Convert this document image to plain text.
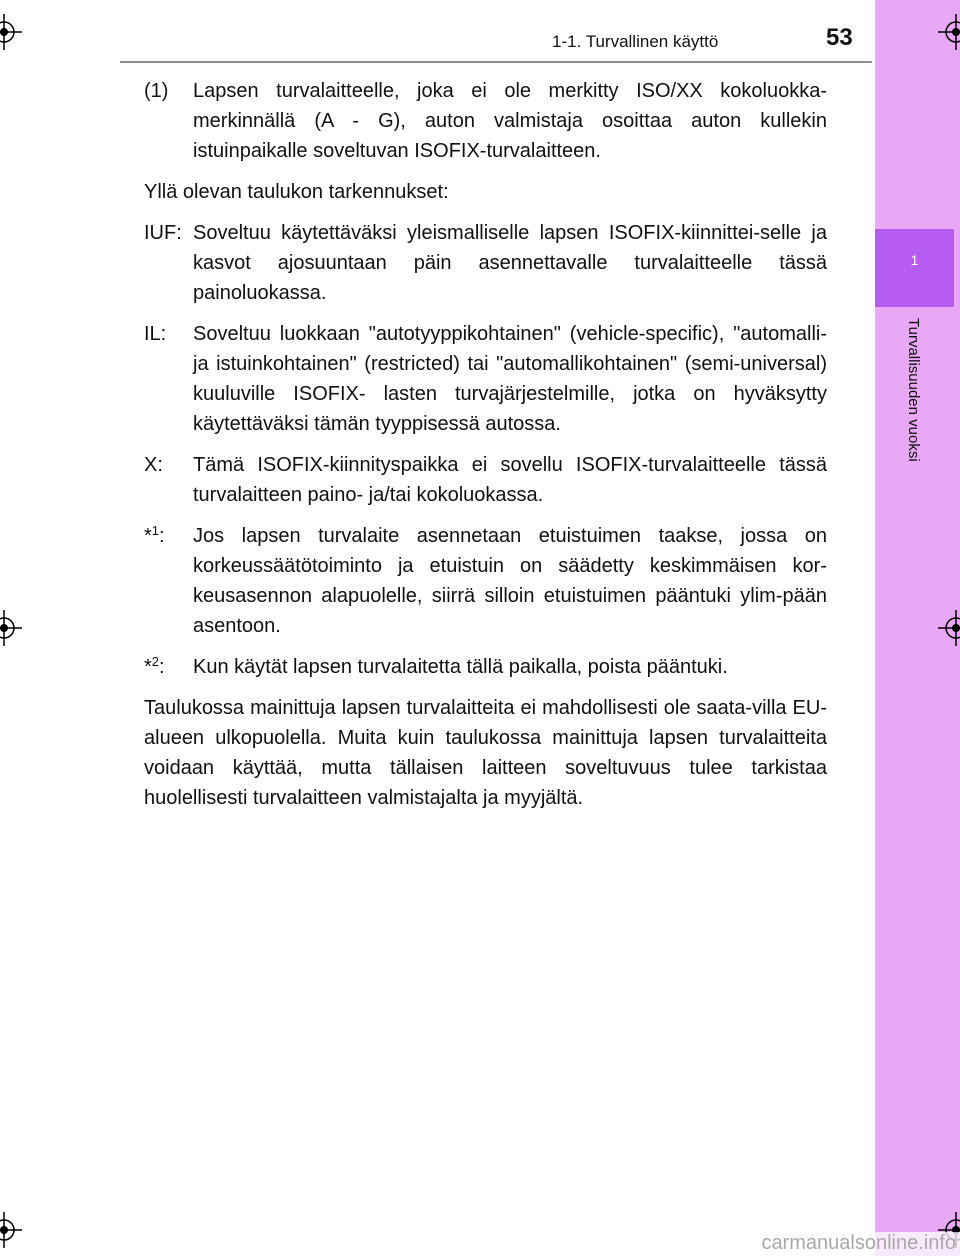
1-1. Turvallinen käyttö	53
1
Turvallisuuden vuoksi
(1)	Lapsen turvalaitteelle, joka ei ole merkitty ISO/XX kokoluokka-merkinnällä (A - G), auton valmistaja osoittaa auton kullekin istuinpaikalle soveltuvan ISOFIX-turvalaitteen.

Yllä olevan taulukon tarkennukset:

IUF: Soveltuu käytettäväksi yleismalliselle lapsen ISOFIX-kiinnittei-selle ja kasvot ajosuuntaan päin asennettavalle turvalaitteelle tässä painoluokassa.
IL:	Soveltuu luokkaan "autotyyppikohtainen" (vehicle-specific), "automalli- ja istuinkohtainen" (restricted) tai "automallikohtainen" (semi-universal) kuuluville ISOFIX- lasten turvajärjestelmille, jotka on hyväksytty käytettäväksi tämän tyyppisessä autossa.
X:	Tämä ISOFIX-kiinnityspaikka ei sovellu ISOFIX-turvalaitteelle tässä turvalaitteen paino- ja/tai kokoluokassa.
*$^1$:	Jos lapsen turvalaite asennetaan etuistuimen taakse, jossa on korkeussäätötoiminto ja etuistuin on säädetty keskimmäisen kor-keusasennon alapuolelle, siirrä silloin etuistuimen pääntuki ylim-pään asentoon.
*$^2$:	Kun käytät lapsen turvalaitetta tällä paikalla, poista pääntuki.

Taulukossa mainittuja lapsen turvalaitteita ei mahdollisesti ole saata-villa EU-alueen ulkopuolella. Muita kuin taulukossa mainittuja lapsen turvalaitteita voidaan käyttää, mutta tällaisen laitteen soveltuvuus tulee tarkistaa huolellisesti turvalaitteen valmistajalta ja myyjältä.

carmanualsonline.info
